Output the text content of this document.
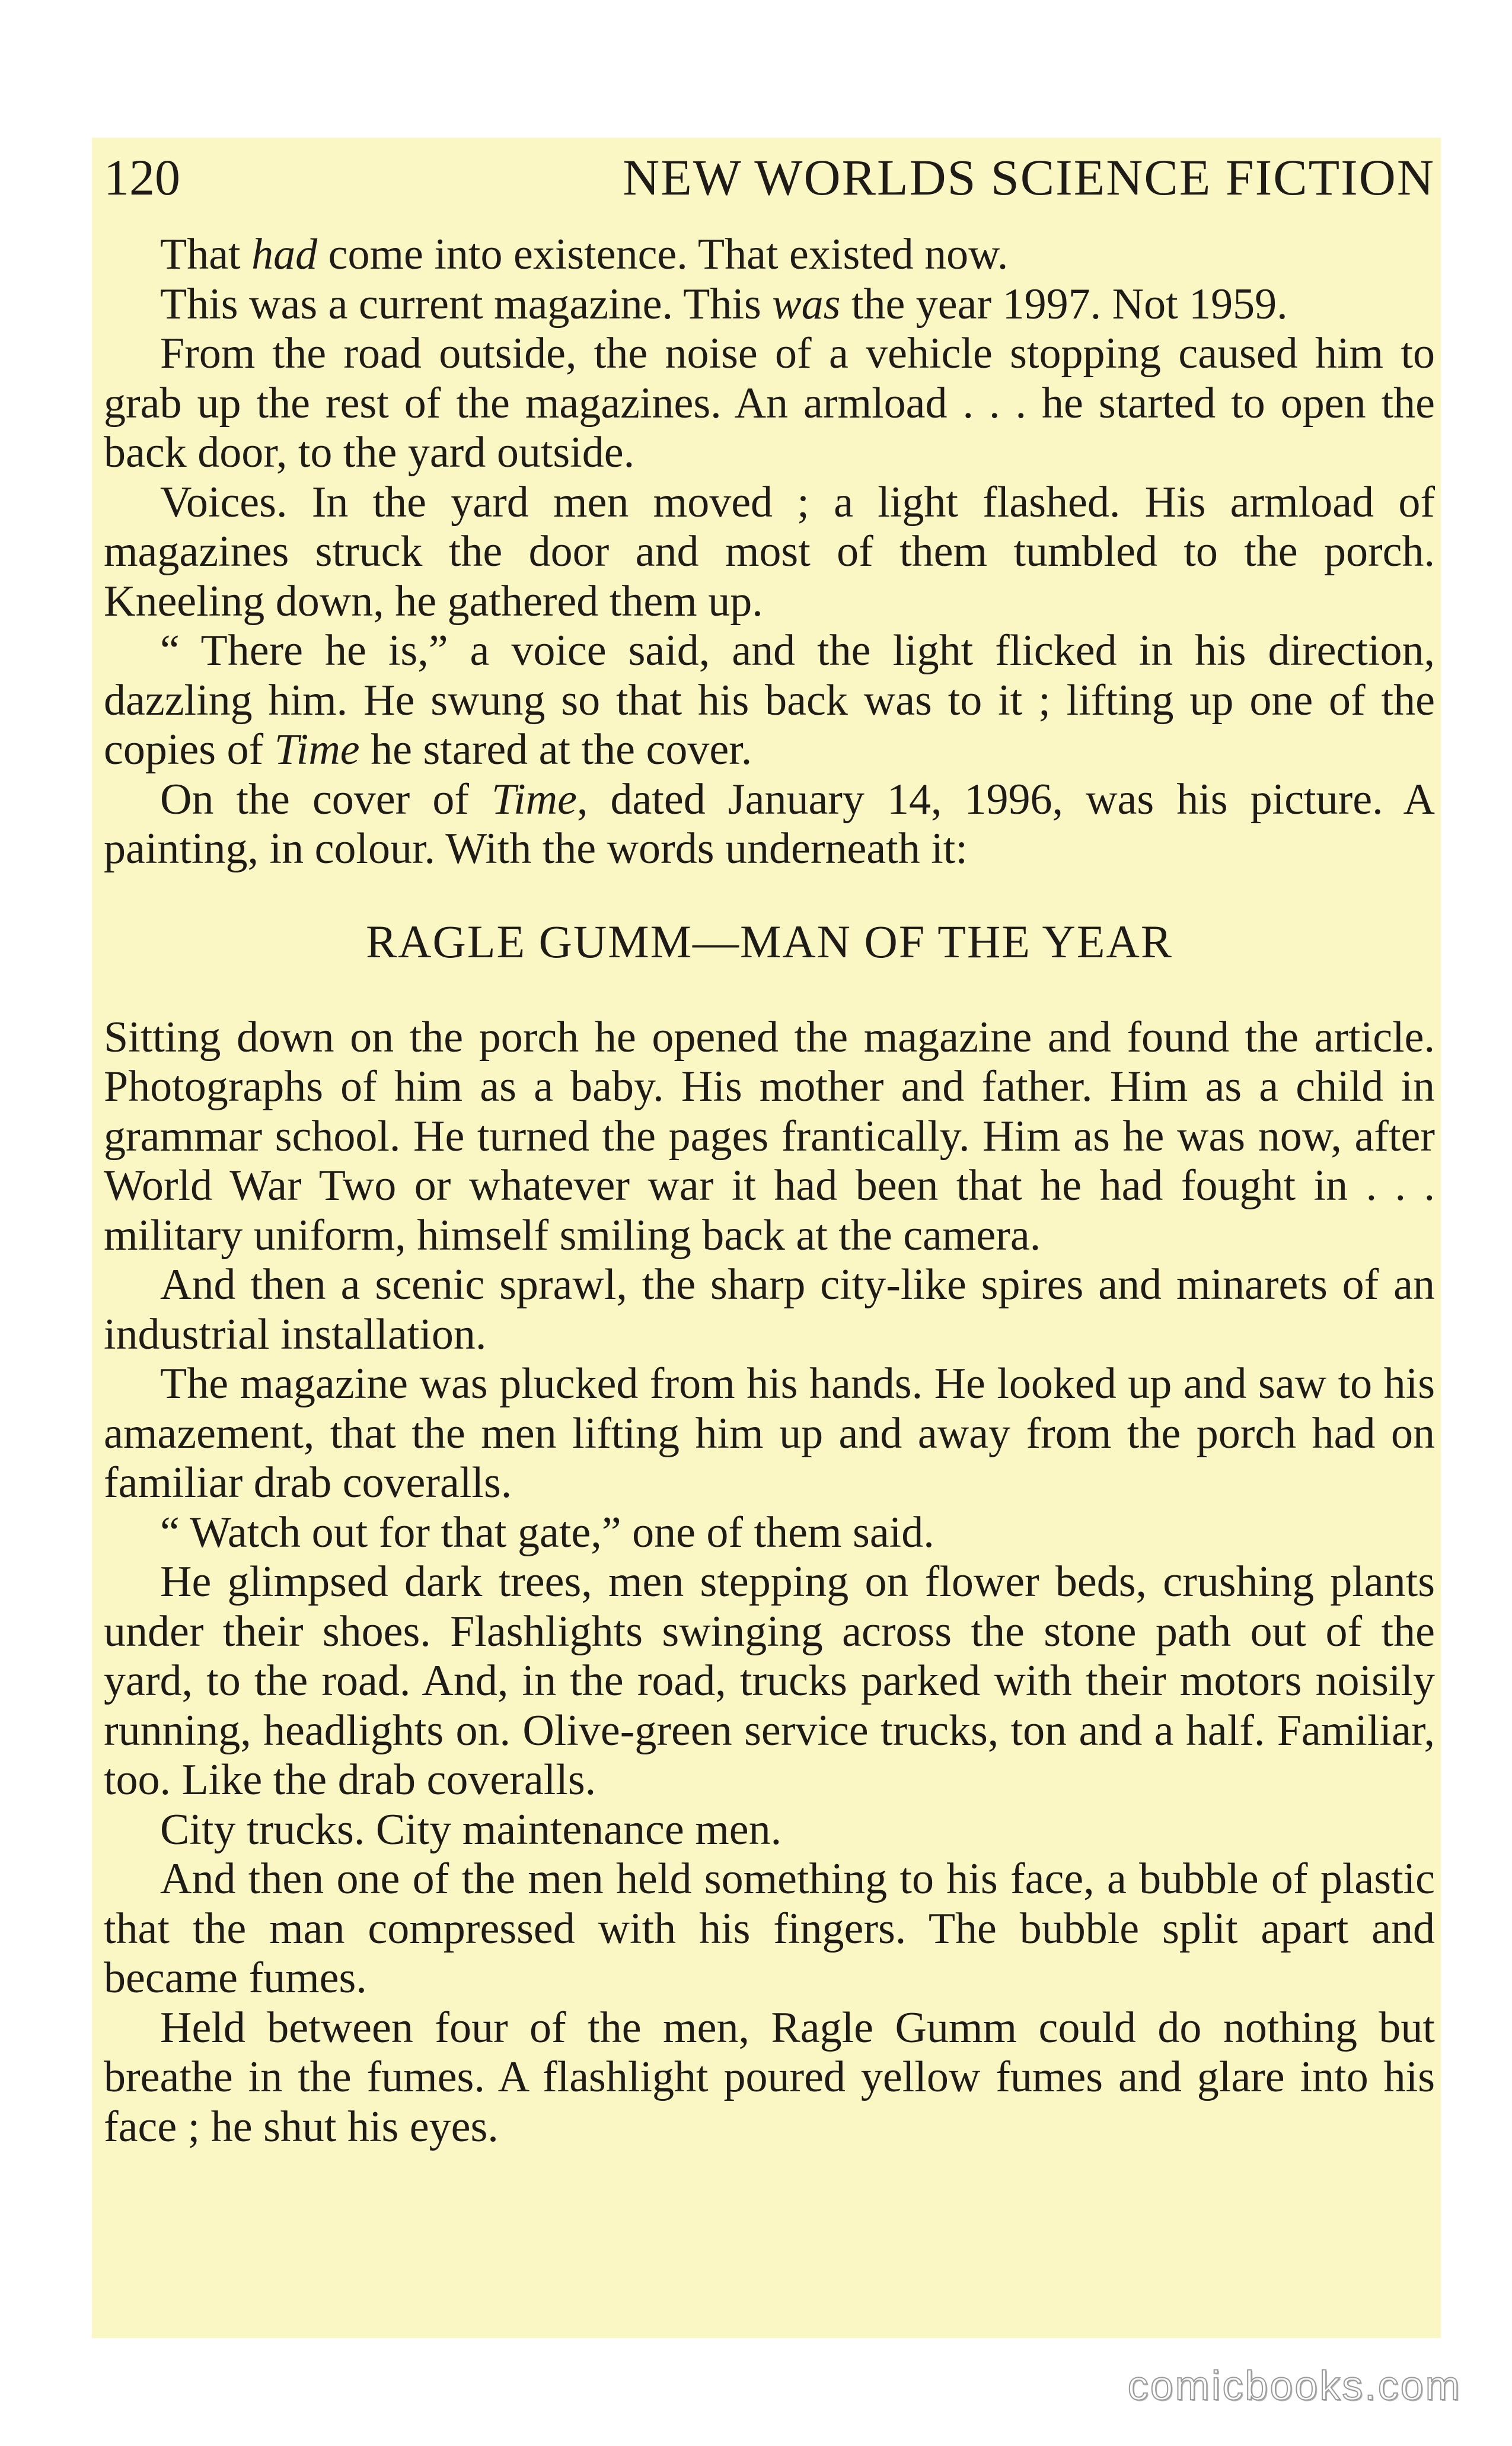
120	NEW WORLDS SCIENCE FICTION

That had come into existence. That existed now.

This was a current magazine. This was the year 1997. Not 1959.

From the road outside, the noise of a vehicle stopping caused him to grab up the rest of the magazines. An armload . . . he started to open the back door, to the yard outside.

Voices. In the yard men moved ; a light flashed. His armload of magazines struck the door and most of them tumbled to the porch. Kneeling down, he gathered them up.

“ There he is,” a voice said, and the light flicked in his direction, dazzling him. He swung so that his back was to it ; lifting up one of the copies of Time he stared at the cover.

On the cover of Time, dated January 14, 1996, was his picture. A painting, in colour. With the words underneath it:

RAGLE GUMM—MAN OF THE YEAR

Sitting down on the porch he opened the magazine and found the article. Photographs of him as a baby. His mother and father. Him as a child in grammar school. He turned the pages frantically. Him as he was now, after World War Two or whatever war it had been that he had fought in . . . military uniform, himself smiling back at the camera.

And then a scenic sprawl, the sharp city-like spires and minarets of an industrial installation.

The magazine was plucked from his hands. He looked up and saw to his amazement, that the men lifting him up and away from the porch had on familiar drab coveralls.

“ Watch out for that gate,” one of them said.

He glimpsed dark trees, men stepping on flower beds, crushing plants under their shoes. Flashlights swinging across the stone path out of the yard, to the road. And, in the road, trucks parked with their motors noisily running, headlights on. Olive-green service trucks, ton and a half. Familiar, too. Like the drab coveralls.

City trucks. City maintenance men.

And then one of the men held something to his face, a bubble of plastic that the man compressed with his fingers. The bubble split apart and became fumes.

Held between four of the men, Ragle Gumm could do nothing but breathe in the fumes. A flashlight poured yellow fumes and glare into his face ; he shut his eyes.

comicbooks.com
